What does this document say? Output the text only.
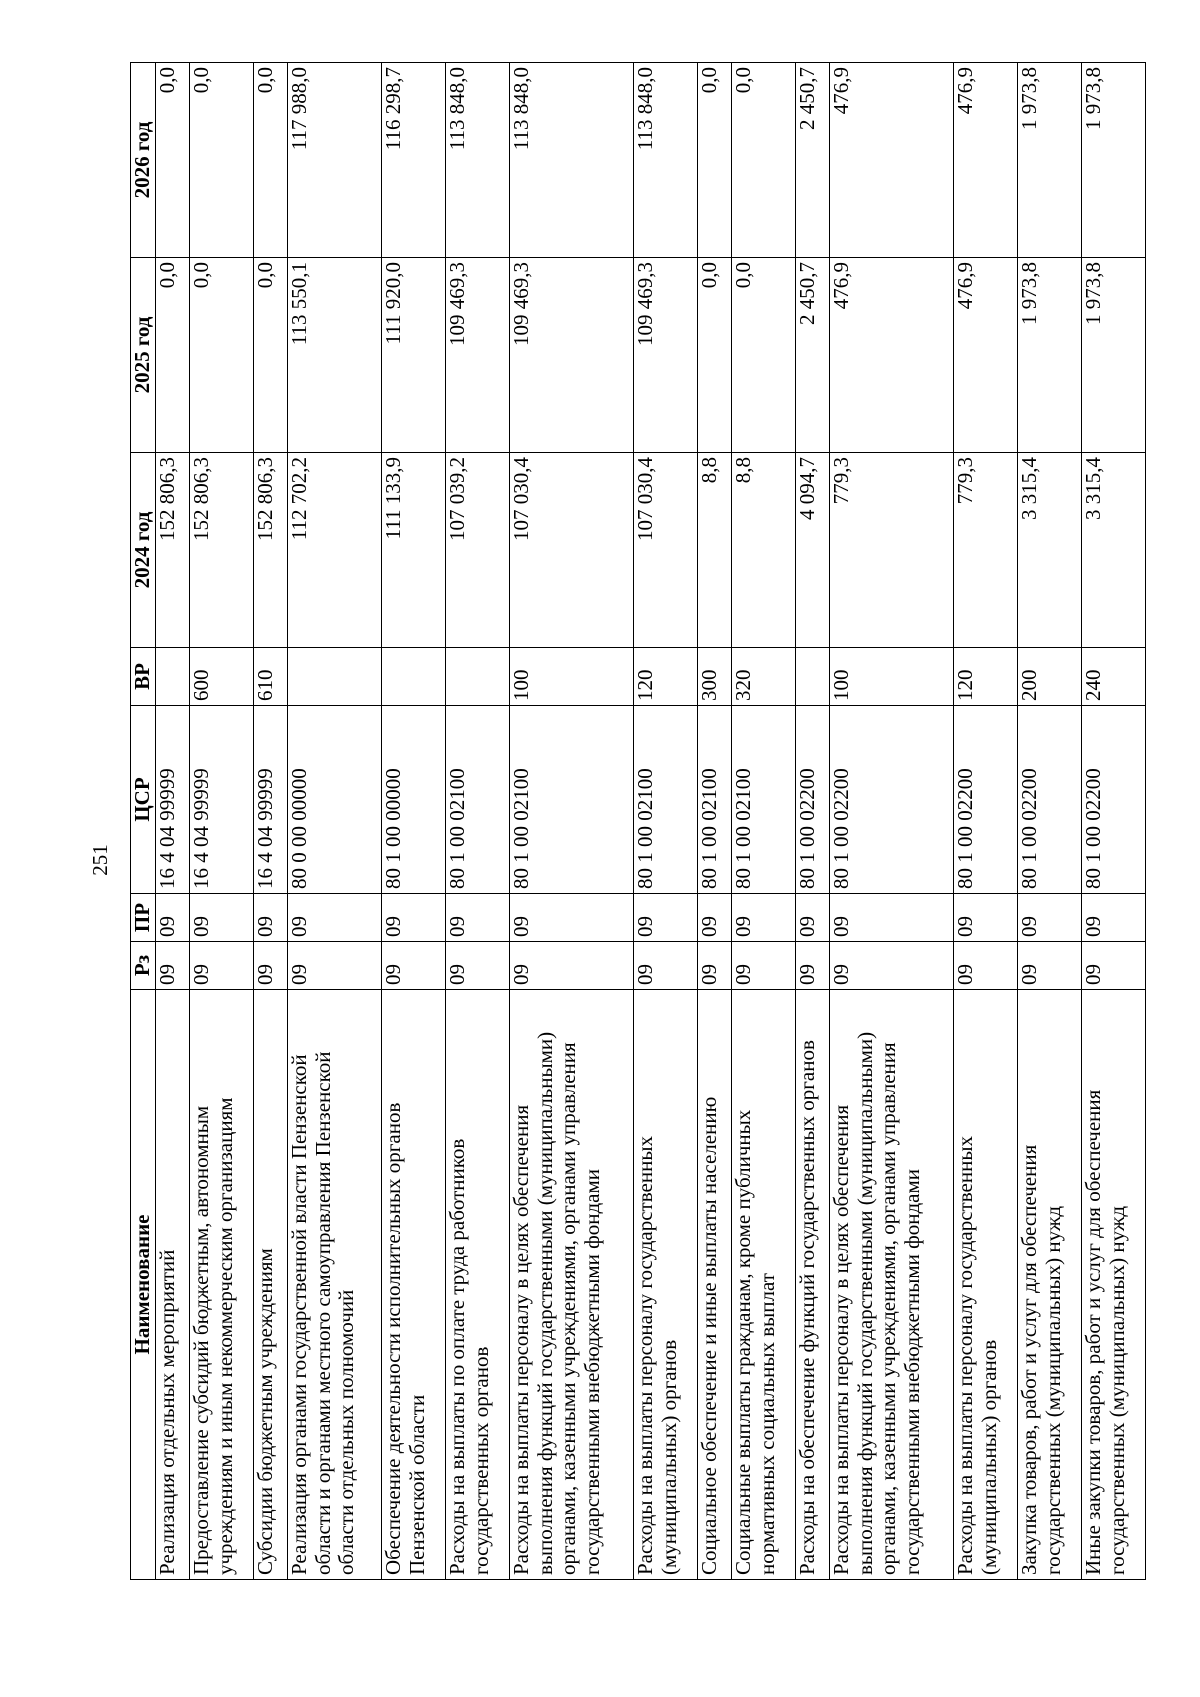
251
Наименование	Рз	ПР	ЦСР	ВР	2024 год	2025 год	2026 год
Реализация отдельных мероприятий	09	09	16 4 04 99999		152 806,3	0,0	0,0
Предоставление субсидий бюджетным, автономным учреждениям и иным некоммерческим организациям	09	09	16 4 04 99999	600	152 806,3	0,0	0,0
Субсидии бюджетным учреждениям	09	09	16 4 04 99999	610	152 806,3	0,0	0,0
Реализация органами государственной власти Пензенской области и органами местного самоуправления Пензенской области отдельных полномочий	09	09	80 0 00 00000		112 702,2	113 550,1	117 988,0
Обеспечение деятельности исполнительных органов Пензенской области	09	09	80 1 00 00000		111 133,9	111 920,0	116 298,7
Расходы на выплаты по оплате труда работников государственных органов	09	09	80 1 00 02100		107 039,2	109 469,3	113 848,0
Расходы на выплаты персоналу в целях обеспечения выполнения функций государственными (муниципальными) органами, казенными учреждениями, органами управления государственными внебюджетными фондами	09	09	80 1 00 02100	100	107 030,4	109 469,3	113 848,0
Расходы на выплаты персоналу государственных (муниципальных) органов	09	09	80 1 00 02100	120	107 030,4	109 469,3	113 848,0
Социальное обеспечение и иные выплаты населению	09	09	80 1 00 02100	300	8,8	0,0	0,0
Социальные выплаты гражданам, кроме публичных нормативных социальных выплат	09	09	80 1 00 02100	320	8,8	0,0	0,0
Расходы на обеспечение функций государственных органов	09	09	80 1 00 02200		4 094,7	2 450,7	2 450,7
Расходы на выплаты персоналу в целях обеспечения выполнения функций государственными (муниципальными) органами, казенными учреждениями, органами управления государственными внебюджетными фондами	09	09	80 1 00 02200	100	779,3	476,9	476,9
Расходы на выплаты персоналу государственных (муниципальных) органов	09	09	80 1 00 02200	120	779,3	476,9	476,9
Закупка товаров, работ и услуг для обеспечения государственных (муниципальных) нужд	09	09	80 1 00 02200	200	3 315,4	1 973,8	1 973,8
Иные закупки товаров, работ и услуг для обеспечения государственных (муниципальных) нужд	09	09	80 1 00 02200	240	3 315,4	1 973,8	1 973,8
